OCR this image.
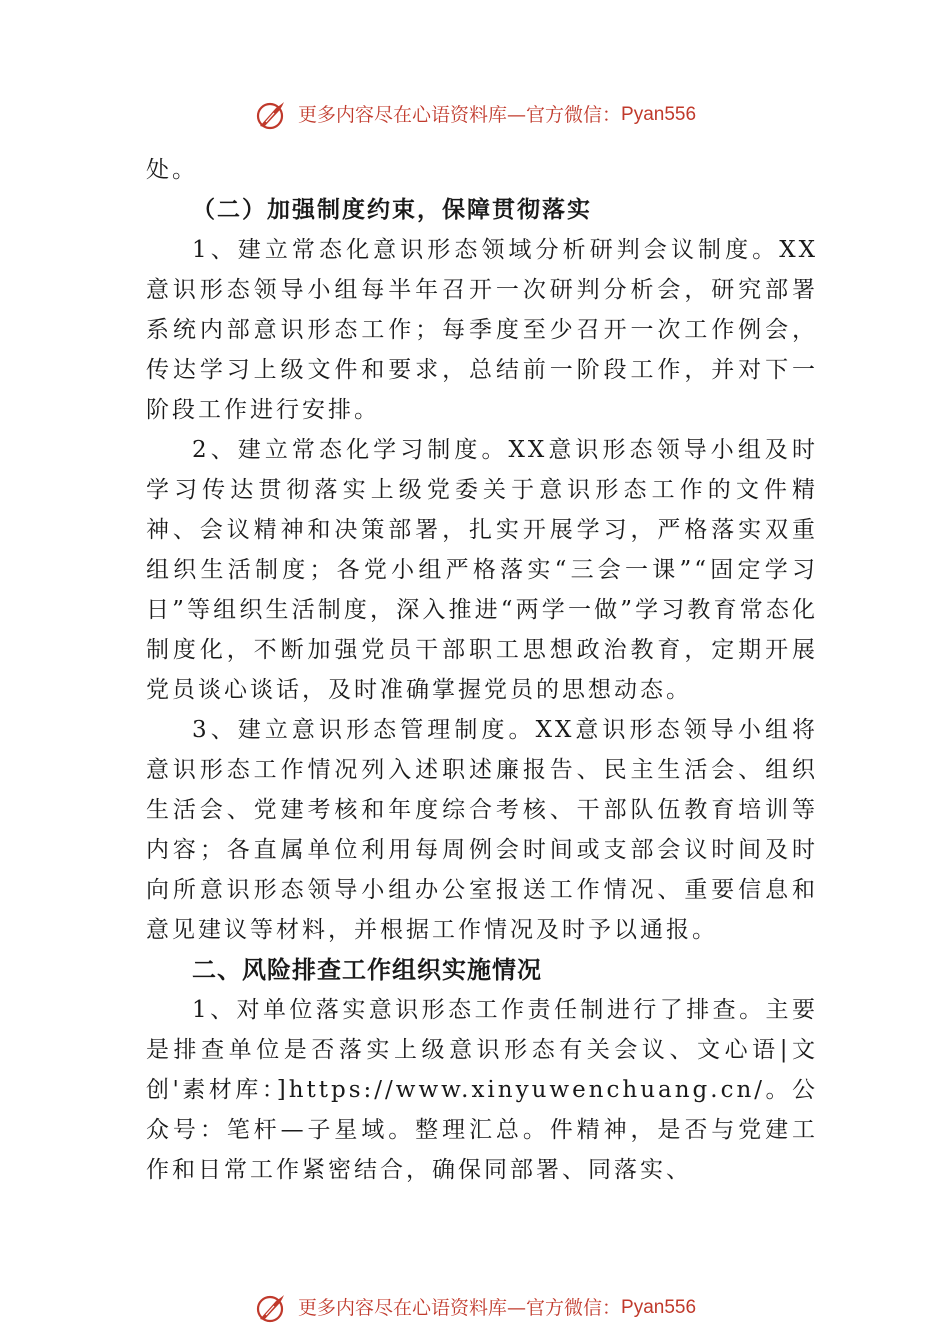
更多内容尽在心语资料库—官方微信：Pyan556

处。

（二）加强制度约束，保障贯彻落实

1、建立常态化意识形态领域分析研判会议制度。XX意识形态领导小组每半年召开一次研判分析会，研究部署系统内部意识形态工作；每季度至少召开一次工作例会，传达学习上级文件和要求，总结前一阶段工作，并对下一阶段工作进行安排。

2、建立常态化学习制度。XX意识形态领导小组及时学习传达贯彻落实上级党委关于意识形态工作的文件精神、会议精神和决策部署，扎实开展学习，严格落实双重组织生活制度；各党小组严格落实“三会一课”“固定学习日”等组织生活制度，深入推进“两学一做”学习教育常态化制度化，不断加强党员干部职工思想政治教育，定期开展党员谈心谈话，及时准确掌握党员的思想动态。

3、建立意识形态管理制度。XX意识形态领导小组将意识形态工作情况列入述职述廉报告、民主生活会、组织生活会、党建考核和年度综合考核、干部队伍教育培训等内容；各直属单位利用每周例会时间或支部会议时间及时向所意识形态领导小组办公室报送工作情况、重要信息和意见建议等材料，并根据工作情况及时予以通报。

二、风险排查工作组织实施情况

1、对单位落实意识形态工作责任制进行了排查。主要是排查单位是否落实上级意识形态有关会议、文心语|文创'素材库：]https://www.xinyuwenchuang.cn/。公众号：笔杆—子星域。整理汇总。件精神，是否与党建工作和日常工作紧密结合，确保同部署、同落实、

更多内容尽在心语资料库—官方微信：Pyan556
